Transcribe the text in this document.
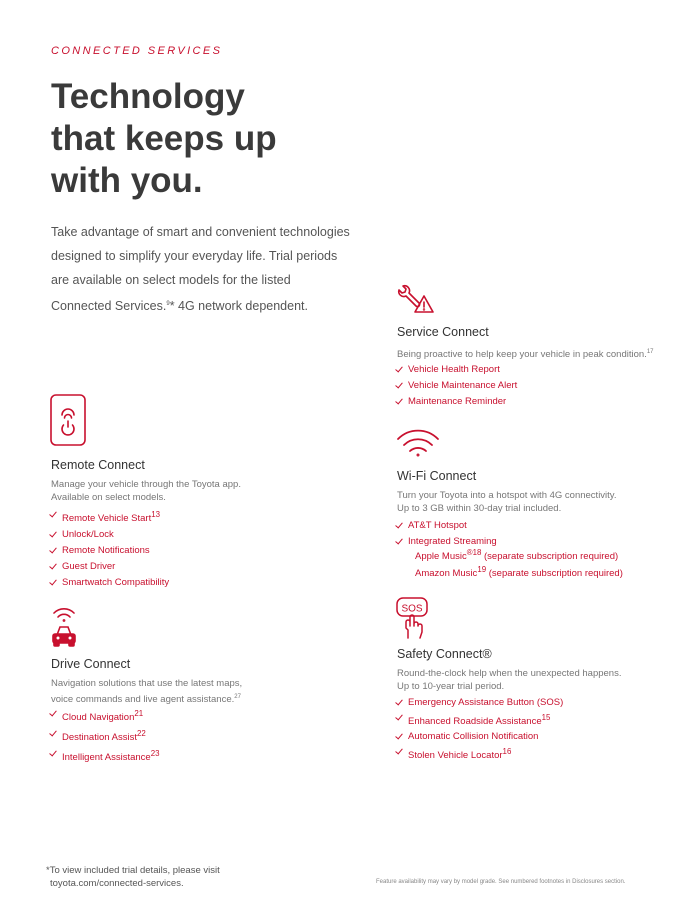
CONNECTED SERVICES
Technology
that keeps up
with you.

Take advantage of smart and convenient technologies
designed to simplify your everyday life. Trial periods
are available on select models for the listed
Connected Services.$^9$* 4G network dependent.

Service Connect

Being proactive to help keep your vehicle in peak condition.$^{17}$

Vehicle Health Report
Vehicle Maintenance Alert
Maintenance Reminder
Remote Connect

Manage your vehicle through the Toyota app.
Available on select models.

Remote Vehicle Start$^{13}$
Unlock/Lock
Remote Notifications
Guest Driver
Smartwatch Compatibility
Wi-Fi Connect

Turn your Toyota into a hotspot with 4G connectivity.
Up to 3 GB within 30-day trial included.

AT&T Hotspot
Integrated Streaming
Apple Music$^{®18}$ (separate subscription required)
Amazon Music$^{19}$ (separate subscription required)
Drive Connect

Navigation solutions that use the latest maps,
voice commands and live agent assistance.$^{27}$

Cloud Navigation$^{21}$
Destination Assist$^{22}$
Intelligent Assistance$^{23}$
SOS
Safety Connect®

Round-the-clock help when the unexpected happens.
Up to 10-year trial period.

Emergency Assistance Button (SOS)
Enhanced Roadside Assistance$^{15}$
Automatic Collision Notification
Stolen Vehicle Locator$^{16}$
*To view included trial details, please visit
toyota.com/connected-services.	Feature availability may vary by model grade. See numbered footnotes in Disclosures section.
